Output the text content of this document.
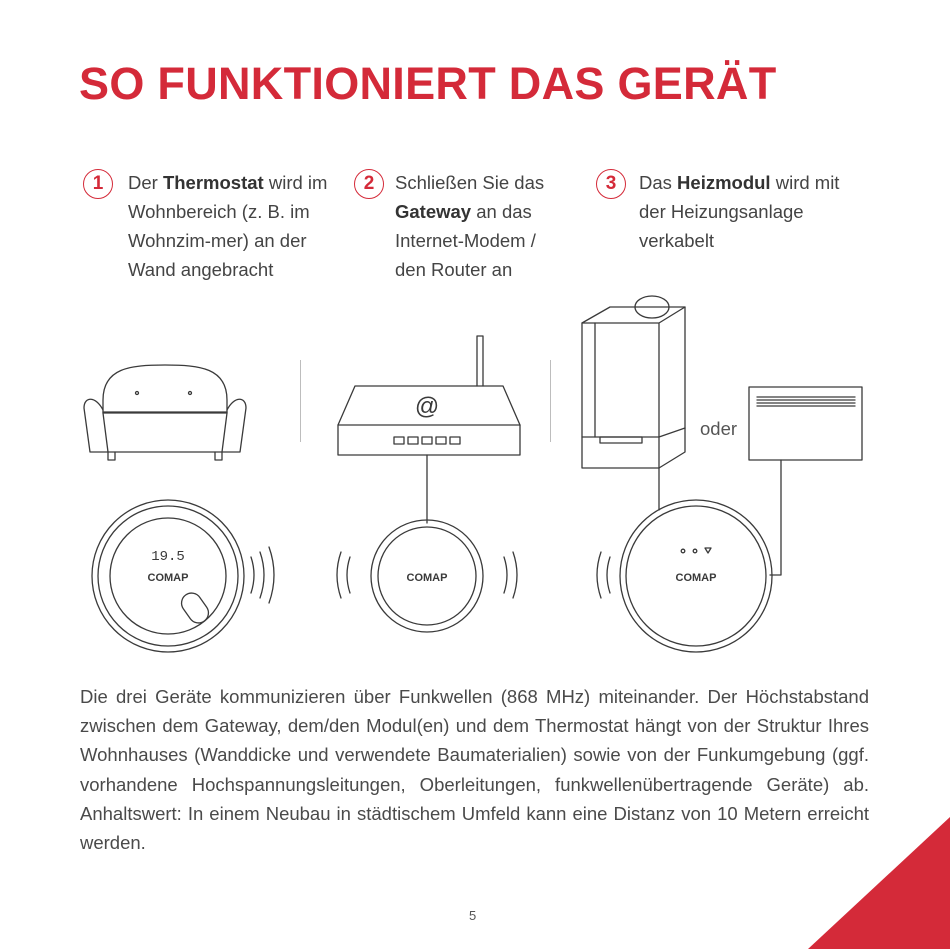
SO FUNKTIONIERT DAS GERÄT
1	Der Thermostat wird im Wohnbereich (z. B. im Wohnzim-mer) an der Wand angebracht
2	Schließen Sie das Gateway an das Internet-Modem / den Router an
3	Das Heizmodul wird mit der Heizungsanlage verkabelt
@
19.5
COMAP	COMAP	COMAP
oder
Die drei Geräte kommunizieren über Funkwellen (868 MHz) miteinander. Der Höchstabstand zwischen dem Gateway, dem/den Modul(en) und dem Thermostat hängt von der Struktur Ihres Wohnhauses (Wanddicke und verwendete Baumaterialien) sowie von der Funkumgebung (ggf. vorhandene Hochspannungsleitungen, Oberleitungen, funkwellenübertragende Geräte) ab. Anhaltswert: In einem Neubau in städtischem Umfeld kann eine Distanz von 10 Metern erreicht werden.
5
